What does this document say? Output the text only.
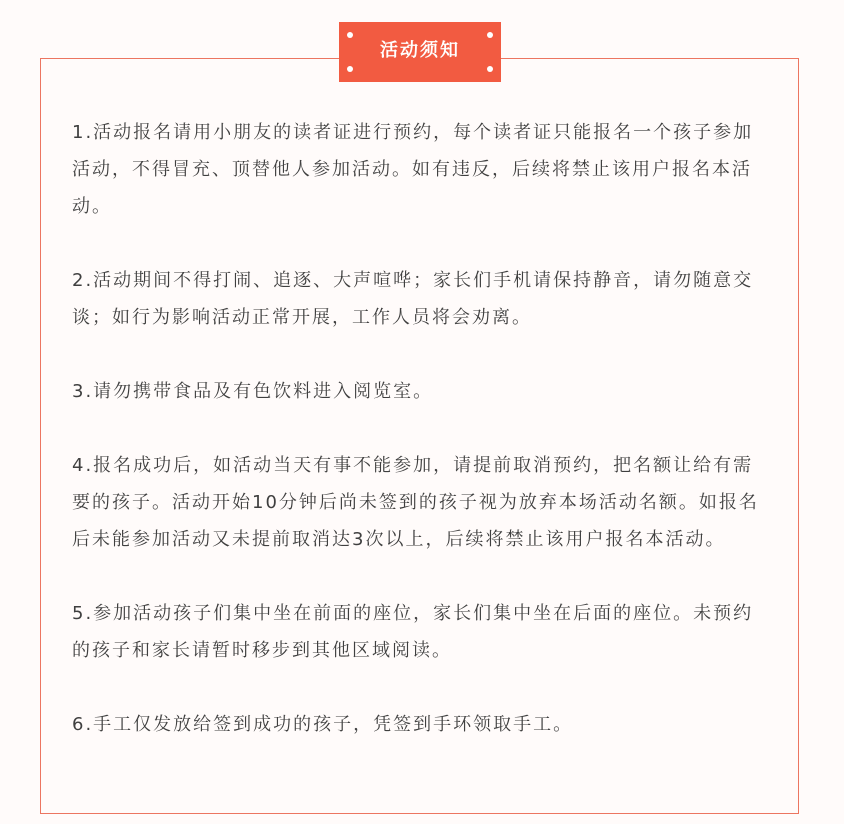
活动须知
1.活动报名请用小朋友的读者证进行预约，每个读者证只能报名一个孩子参加活动，不得冒充、顶替他人参加活动。如有违反，后续将禁止该用户报名本活动。
2.活动期间不得打闹、追逐、大声喧哗；家长们手机请保持静音，请勿随意交谈；如行为影响活动正常开展，工作人员将会劝离。
3.请勿携带食品及有色饮料进入阅览室。
4.报名成功后，如活动当天有事不能参加，请提前取消预约，把名额让给有需要的孩子。活动开始10分钟后尚未签到的孩子视为放弃本场活动名额。如报名后未能参加活动又未提前取消达3次以上，后续将禁止该用户报名本活动。
5.参加活动孩子们集中坐在前面的座位，家长们集中坐在后面的座位。未预约的孩子和家长请暂时移步到其他区域阅读。
6.手工仅发放给签到成功的孩子，凭签到手环领取手工。
